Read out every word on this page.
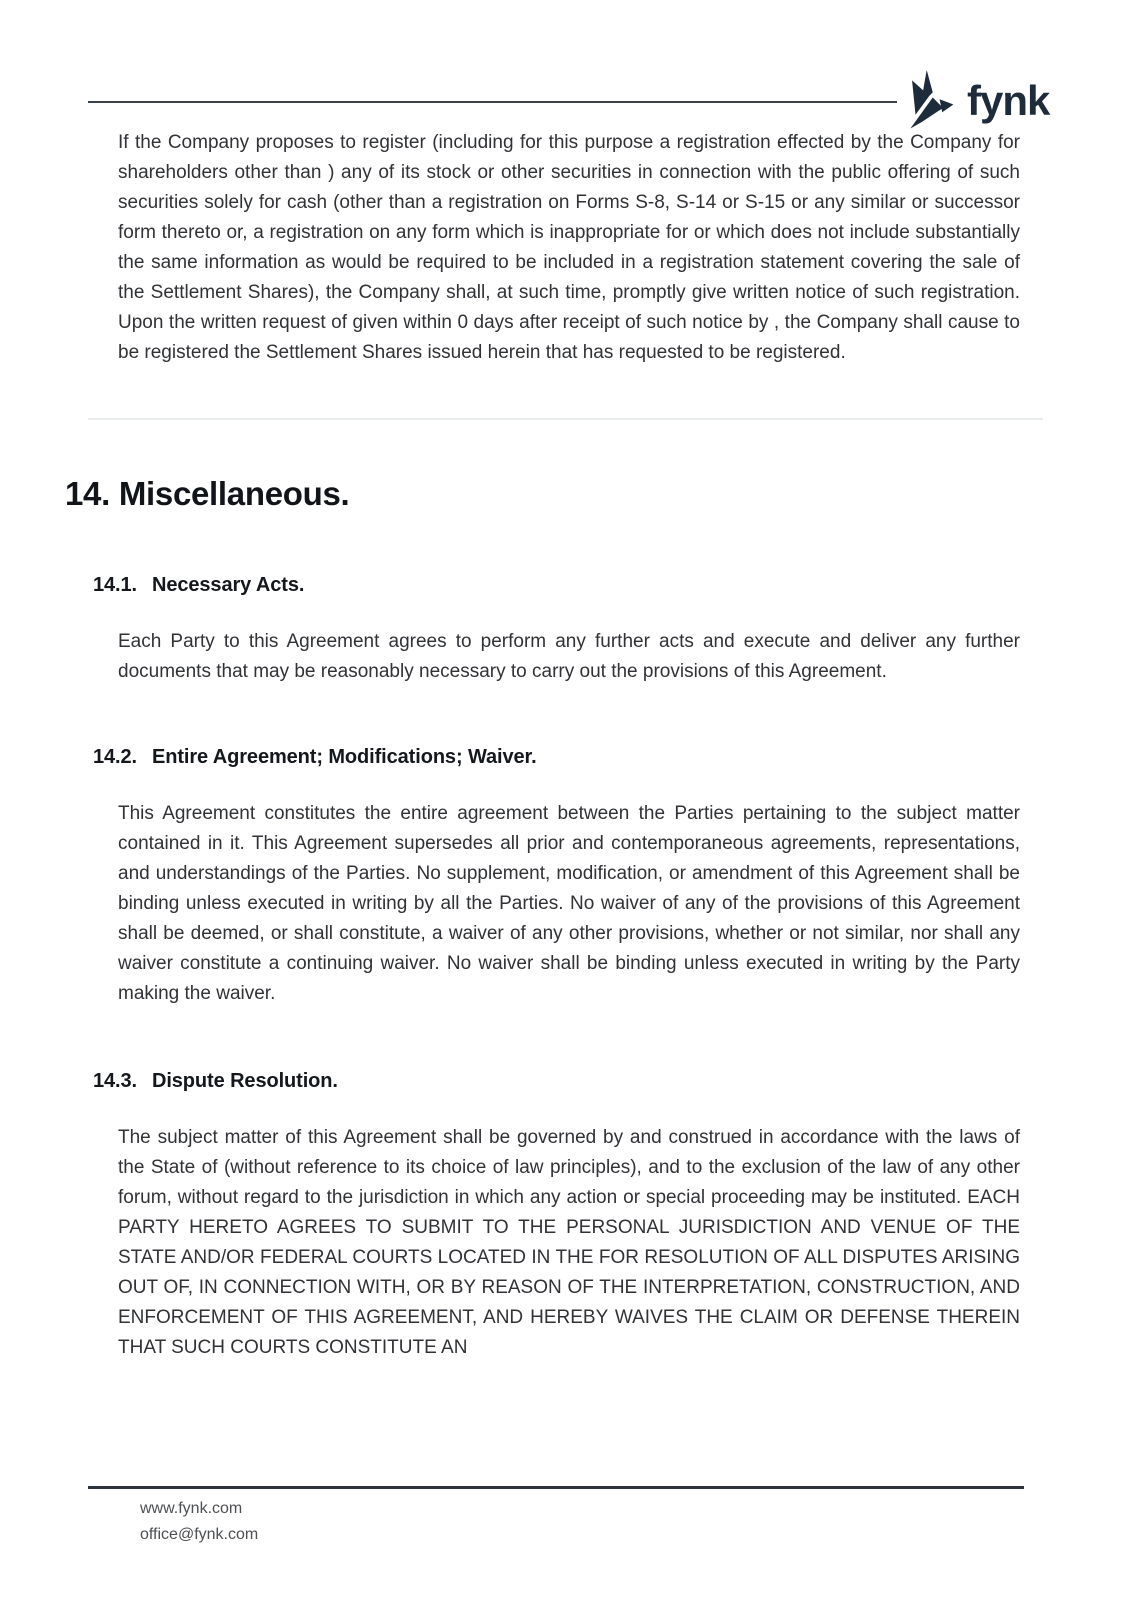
fynk

If the Company proposes to register (including for this purpose a registration effected by the Company for shareholders other than ) any of its stock or other securities in connection with the public offering of such securities solely for cash (other than a registration on Forms S-8, S-14 or S-15 or any similar or successor form thereto or, a registration on any form which is inappropriate for or which does not include substantially the same information as would be required to be included in a registration statement covering the sale of the Settlement Shares), the Company shall, at such time, promptly give written notice of such registration. Upon the written request of given within 0 days after receipt of such notice by , the Company shall cause to be registered the Settlement Shares issued herein that has requested to be registered.

14. Miscellaneous.
14.1. Necessary Acts.

Each Party to this Agreement agrees to perform any further acts and execute and deliver any further documents that may be reasonably necessary to carry out the provisions of this Agreement.

14.2. Entire Agreement; Modifications; Waiver.

This Agreement constitutes the entire agreement between the Parties pertaining to the subject matter contained in it. This Agreement supersedes all prior and contemporaneous agreements, representations, and understandings of the Parties. No supplement, modification, or amendment of this Agreement shall be binding unless executed in writing by all the Parties. No waiver of any of the provisions of this Agreement shall be deemed, or shall constitute, a waiver of any other provisions, whether or not similar, nor shall any waiver constitute a continuing waiver. No waiver shall be binding unless executed in writing by the Party making the waiver.

14.3. Dispute Resolution.

The subject matter of this Agreement shall be governed by and construed in accordance with the laws of the State of (without reference to its choice of law principles), and to the exclusion of the law of any other forum, without regard to the jurisdiction in which any action or special proceeding may be instituted. EACH PARTY HERETO AGREES TO SUBMIT TO THE PERSONAL JURISDICTION AND VENUE OF THE STATE AND/OR FEDERAL COURTS LOCATED IN THE FOR RESOLUTION OF ALL DISPUTES ARISING OUT OF, IN CONNECTION WITH, OR BY REASON OF THE INTERPRETATION, CONSTRUCTION, AND ENFORCEMENT OF THIS AGREEMENT, AND HEREBY WAIVES THE CLAIM OR DEFENSE THEREIN THAT SUCH COURTS CONSTITUTE AN

www.fynk.com
office@fynk.com
